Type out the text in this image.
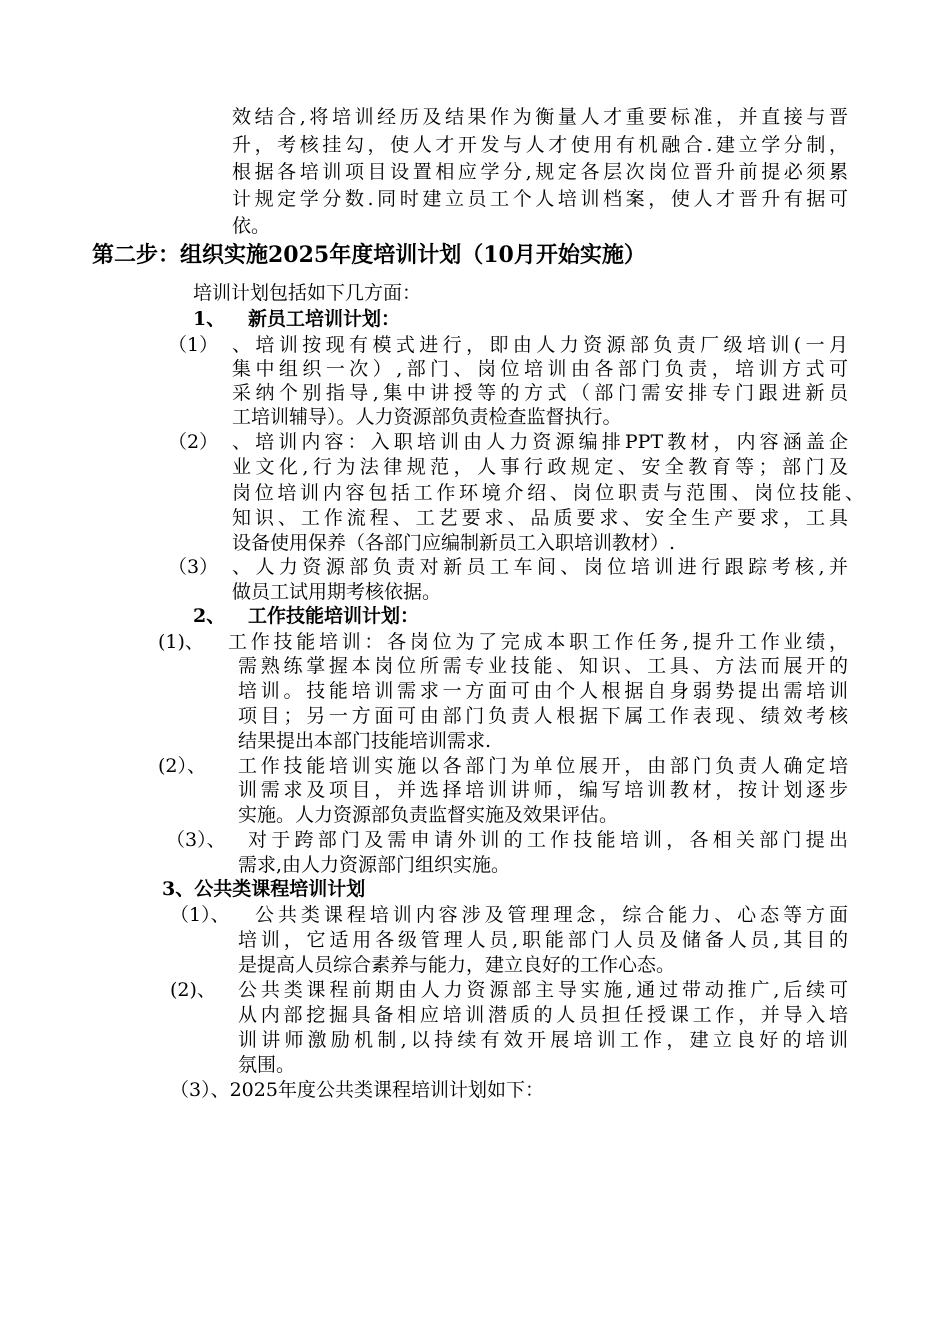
效结合,将培训经历及结果作为衡量人才重要标准，并直接与晋
升，考核挂勾，使人才开发与人才使用有机融合.建立学分制，
根据各培训项目设置相应学分,规定各层次岗位晋升前提必须累
计规定学分数.同时建立员工个人培训档案，使人才晋升有据可
依。
第二步：组织实施2025年度培训计划（10月开始实施）
培训计划包括如下几方面：
1、 新员工培训计划：
（1） 、培训按现有模式进行，即由人力资源部负责厂级培训(一月
集中组织一次）,部门、岗位培训由各部门负责，培训方式可
采纳个别指导,集中讲授等的方式（部门需安排专门跟进新员
工培训辅导）。人力资源部负责检查监督执行。
（2） 、培训内容：入职培训由人力资源编排PPT教材，内容涵盖企
业文化,行为法律规范，人事行政规定、安全教育等；部门及
岗位培训内容包括工作环境介绍、岗位职责与范围、岗位技能、
知识、工作流程、工艺要求、品质要求、安全生产要求，工具
设备使用保养（各部门应编制新员工入职培训教材）.
（3） 、人力资源部负责对新员工车间、岗位培训进行跟踪考核,并
做员工试用期考核依据。
2、 工作技能培训计划：
(1)、 工作技能培训：各岗位为了完成本职工作任务,提升工作业绩，
需熟练掌握本岗位所需专业技能、知识、工具、方法而展开的
培训。技能培训需求一方面可由个人根据自身弱势提出需培训
项目；另一方面可由部门负责人根据下属工作表现、绩效考核
结果提出本部门技能培训需求.
(2）、 工作技能培训实施以各部门为单位展开，由部门负责人确定培
训需求及项目，并选择培训讲师，编写培训教材，按计划逐步
实施。人力资源部负责监督实施及效果评估。
（3）、 对于跨部门及需申请外训的工作技能培训，各相关部门提出
需求,由人力资源部门组织实施。
3、公共类课程培训计划
（1）、 公共类课程培训内容涉及管理理念，综合能力、心态等方面
培训，它适用各级管理人员,职能部门人员及储备人员,其目的
是提高人员综合素养与能力，建立良好的工作心态。
(2)、 公共类课程前期由人力资源部主导实施,通过带动推广,后续可
从内部挖掘具备相应培训潜质的人员担任授课工作，并导入培
训讲师激励机制,以持续有效开展培训工作，建立良好的培训
氛围。
（3）、2025年度公共类课程培训计划如下：
